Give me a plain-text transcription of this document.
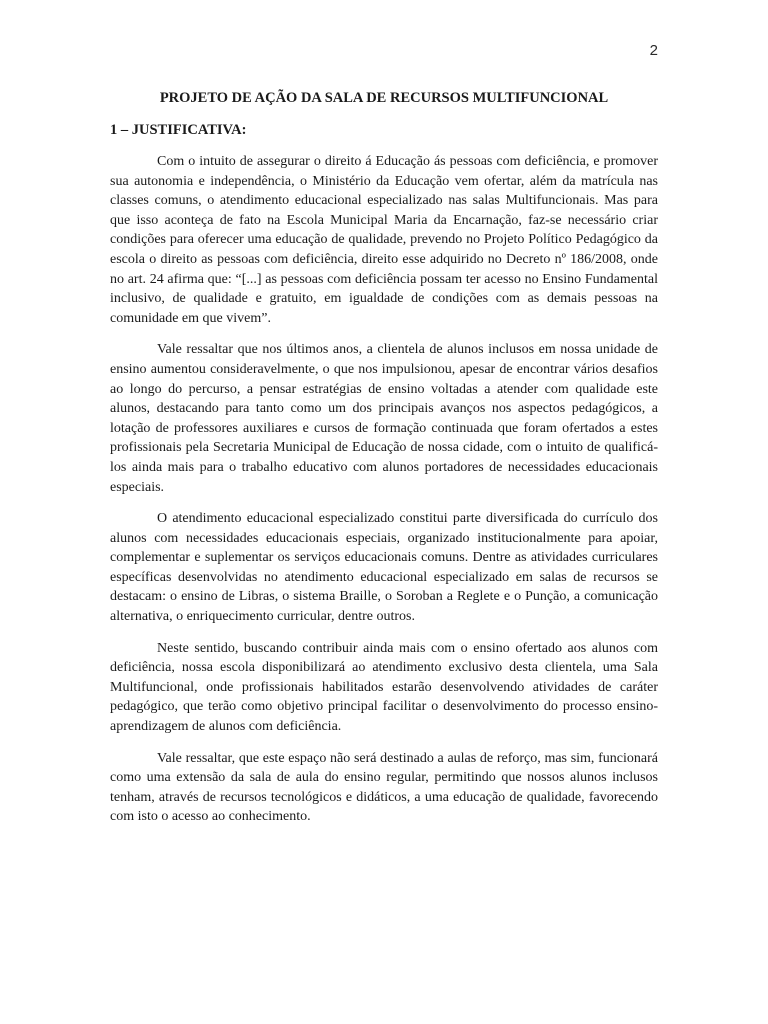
2
PROJETO DE AÇÃO DA SALA DE RECURSOS MULTIFUNCIONAL
1 – JUSTIFICATIVA:

Com o intuito de assegurar o direito á Educação ás pessoas com deficiência, e promover sua autonomia e independência, o Ministério da Educação vem ofertar, além da matrícula nas classes comuns, o atendimento educacional especializado nas salas Multifuncionais. Mas para que isso aconteça de fato na Escola Municipal Maria da Encarnação, faz-se necessário criar condições para oferecer uma educação de qualidade, prevendo no Projeto Político Pedagógico da escola o direito as pessoas com deficiência, direito esse adquirido no Decreto nº 186/2008, onde no art. 24 afirma que: “[...] as pessoas com deficiência possam ter acesso no Ensino Fundamental inclusivo, de qualidade e gratuito, em igualdade de condições com as demais pessoas na comunidade em que vivem”.

Vale ressaltar que nos últimos anos, a clientela de alunos inclusos em nossa unidade de ensino aumentou consideravelmente, o que nos impulsionou, apesar de encontrar vários desafios ao longo do percurso, a pensar estratégias de ensino voltadas a atender com qualidade este alunos, destacando para tanto como um dos principais avanços nos aspectos pedagógicos, a lotação de professores auxiliares e cursos de formação continuada que foram ofertados a estes profissionais pela Secretaria Municipal de Educação de nossa cidade, com o intuito de qualificá-los ainda mais para o trabalho educativo com alunos portadores de necessidades educacionais especiais.

O atendimento educacional especializado constitui parte diversificada do currículo dos alunos com necessidades educacionais especiais, organizado institucionalmente para apoiar, complementar e suplementar os serviços educacionais comuns. Dentre as atividades curriculares específicas desenvolvidas no atendimento educacional especializado em salas de recursos se destacam: o ensino de Libras, o sistema Braille, o Soroban a Reglete e o Punção, a comunicação alternativa, o enriquecimento curricular, dentre outros.

Neste sentido, buscando contribuir ainda mais com o ensino ofertado aos alunos com deficiência, nossa escola disponibilizará ao atendimento exclusivo desta clientela, uma Sala Multifuncional, onde profissionais habilitados estarão desenvolvendo atividades de caráter pedagógico, que terão como objetivo principal facilitar o desenvolvimento do processo ensino-aprendizagem de alunos com deficiência.

Vale ressaltar, que este espaço não será destinado a aulas de reforço, mas sim, funcionará como uma extensão da sala de aula do ensino regular, permitindo que nossos alunos inclusos tenham, através de recursos tecnológicos e didáticos, a uma educação de qualidade, favorecendo com isto o acesso ao conhecimento.
